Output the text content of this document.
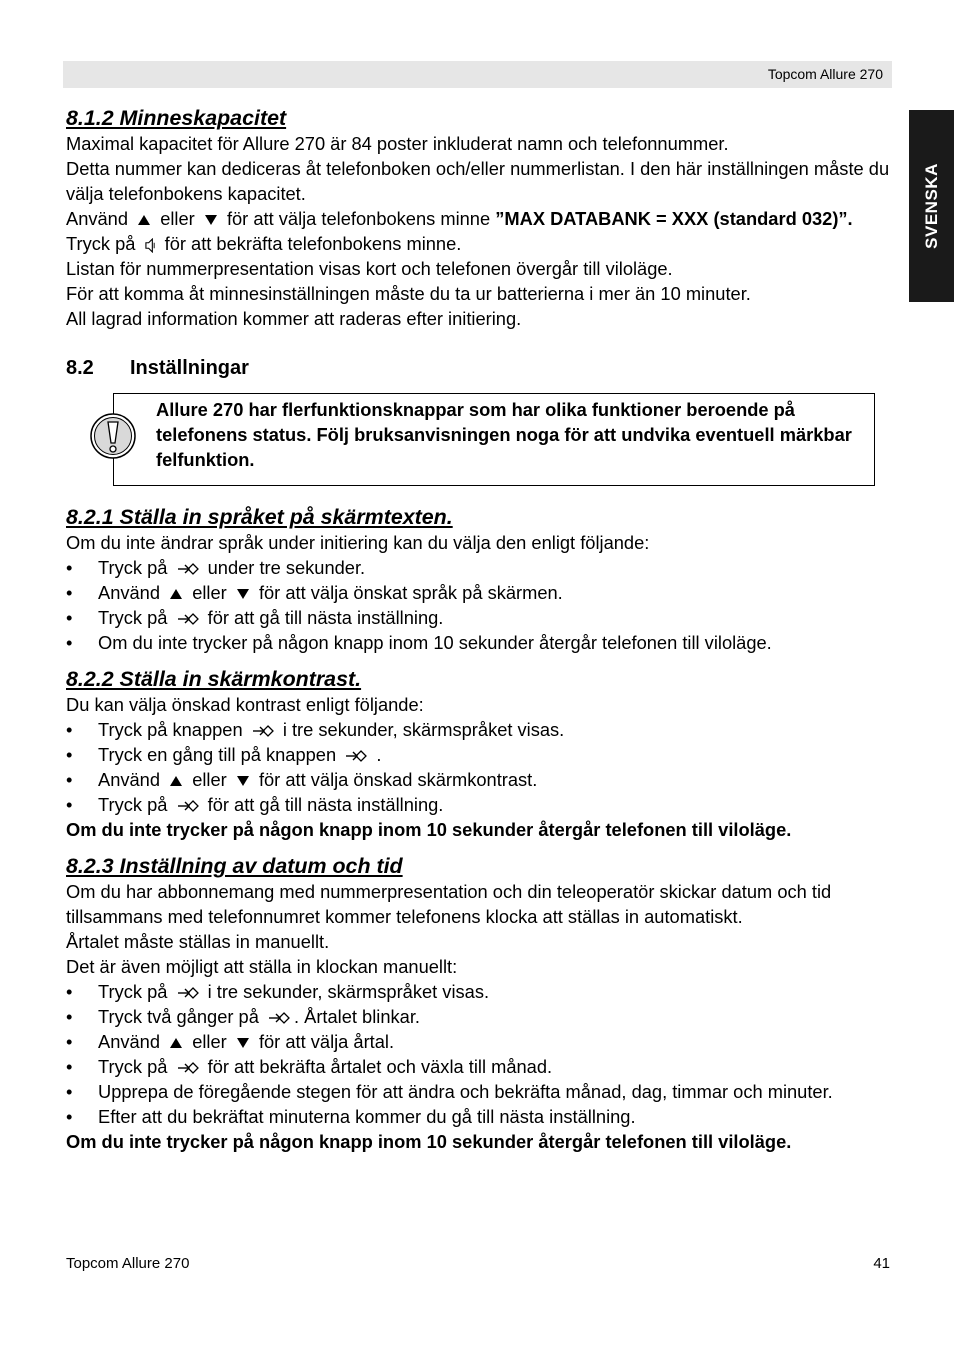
Topcom Allure 270
SVENSKA
8.1.2 Minneskapacitet

Maximal kapacitet för Allure 270 är 84 poster inkluderat namn och telefonnummer.

Detta nummer kan dediceras åt telefonboken och/eller nummerlistan. I den här inställningen måste du välja telefonbokens kapacitet.

Använd eller för att välja telefonbokens minne ”MAX DATABANK = XXX (standard 032)”.

Tryck på för att bekräfta telefonbokens minne.

Listan för nummerpresentation visas kort och telefonen övergår till viloläge.

För att komma åt minnesinställningen måste du ta ur batterierna i mer än 10 minuter.

All lagrad information kommer att raderas efter initiering.

8.2 Inställningar
Allure 270 har flerfunktionsknappar som har olika funktioner beroende på telefonens status. Följ bruksanvisningen noga för att undvika eventuell märkbar felfunktion.
8.2.1 Ställa in språket på skärmtexten.

Om du inte ändrar språk under initiering kan du välja den enligt följande:

• Tryck på under tre sekunder.
• Använd eller för att välja önskat språk på skärmen.
• Tryck på för att gå till nästa inställning.
• Om du inte trycker på någon knapp inom 10 sekunder återgår telefonen till viloläge.
8.2.2 Ställa in skärmkontrast.

Du kan välja önskad kontrast enligt följande:

• Tryck på knappen i tre sekunder, skärmspråket visas.
• Tryck en gång till på knappen .
• Använd eller för att välja önskad skärmkontrast.
• Tryck på för att gå till nästa inställning.

Om du inte trycker på någon knapp inom 10 sekunder återgår telefonen till viloläge.

8.2.3 Inställning av datum och tid

Om du har abbonnemang med nummerpresentation och din teleoperatör skickar datum och tid tillsammans med telefonnumret kommer telefonens klocka att ställas in automatiskt.

Årtalet måste ställas in manuellt.

Det är även möjligt att ställa in klockan manuellt:

• Tryck på i tre sekunder, skärmspråket visas.
• Tryck två gånger på . Årtalet blinkar.
• Använd eller för att välja årtal.
• Tryck på för att bekräfta årtalet och växla till månad.
• Upprepa de föregående stegen för att ändra och bekräfta månad, dag, timmar och minuter.
• Efter att du bekräftat minuterna kommer du gå till nästa inställning.

Om du inte trycker på någon knapp inom 10 sekunder återgår telefonen till viloläge.

Topcom Allure 270	41
